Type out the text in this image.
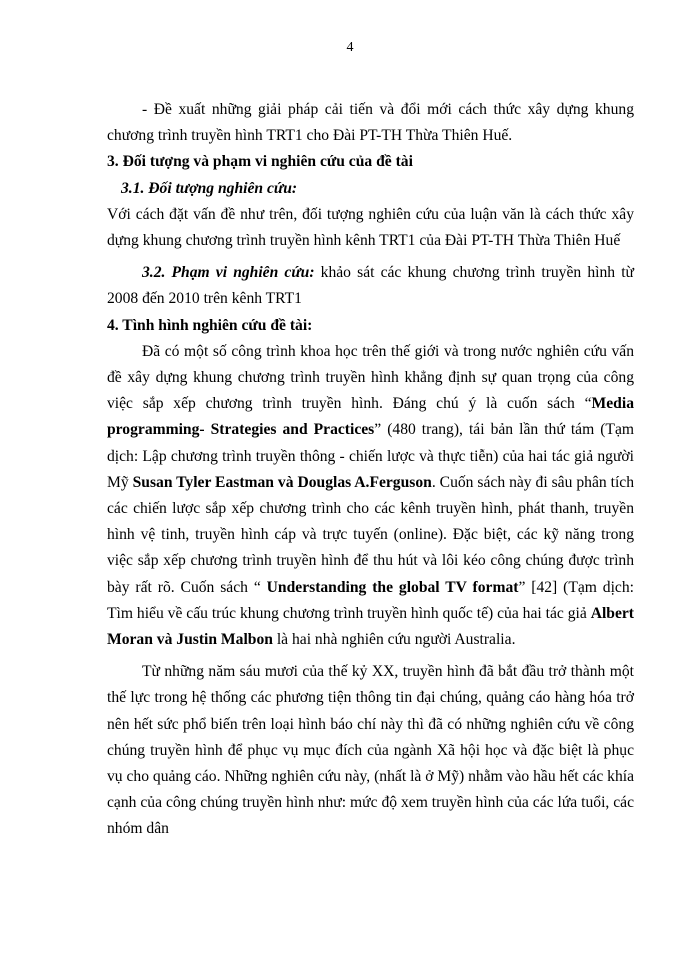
4

- Đề xuất những giải pháp cải tiến và đổi mới cách thức xây dựng khung chương trình truyền hình TRT1 cho Đài PT-TH Thừa Thiên Huế.

3. Đối tượng và phạm vi nghiên cứu của đề tài

3.1. Đối tượng nghiên cứu:

Với cách đặt vấn đề như trên, đối tượng nghiên cứu của luận văn là cách thức xây dựng khung chương trình truyền hình kênh TRT1 của Đài PT-TH Thừa Thiên Huế

3.2. Phạm vi nghiên cứu: khảo sát các khung chương trình truyền hình từ 2008 đến 2010 trên kênh TRT1

4. Tình hình nghiên cứu đề tài:

Đã có một số công trình khoa học trên thế giới và trong nước nghiên cứu vấn đề xây dựng khung chương trình truyền hình khẳng định sự quan trọng của công việc sắp xếp chương trình truyền hình. Đáng chú ý là cuốn sách “Media programming- Strategies and Practices” (480 trang), tái bản lần thứ tám (Tạm dịch: Lập chương trình truyền thông - chiến lược và thực tiễn) của hai tác giả người Mỹ Susan Tyler Eastman và Douglas A.Ferguson. Cuốn sách này đi sâu phân tích các chiến lược sắp xếp chương trình cho các kênh truyền hình, phát thanh, truyền hình vệ tinh, truyền hình cáp và trực tuyến (online). Đặc biệt, các kỹ năng trong việc sắp xếp chương trình truyền hình để thu hút và lôi kéo công chúng được trình bày rất rõ. Cuốn sách “ Understanding the global TV format” [42] (Tạm dịch: Tìm hiểu về cấu trúc khung chương trình truyền hình quốc tế) của hai tác giả Albert Moran và Justin Malbon là hai nhà nghiên cứu người Australia.

Từ những năm sáu mươi của thế kỷ XX, truyền hình đã bắt đầu trở thành một thế lực trong hệ thống các phương tiện thông tin đại chúng, quảng cáo hàng hóa trở nên hết sức phổ biến trên loại hình báo chí này thì đã có những nghiên cứu về công chúng truyền hình để phục vụ mục đích của ngành Xã hội học và đặc biệt là phục vụ cho quảng cáo. Những nghiên cứu này, (nhất là ở Mỹ) nhằm vào hầu hết các khía cạnh của công chúng truyền hình như: mức độ xem truyền hình của các lứa tuổi, các nhóm dân
